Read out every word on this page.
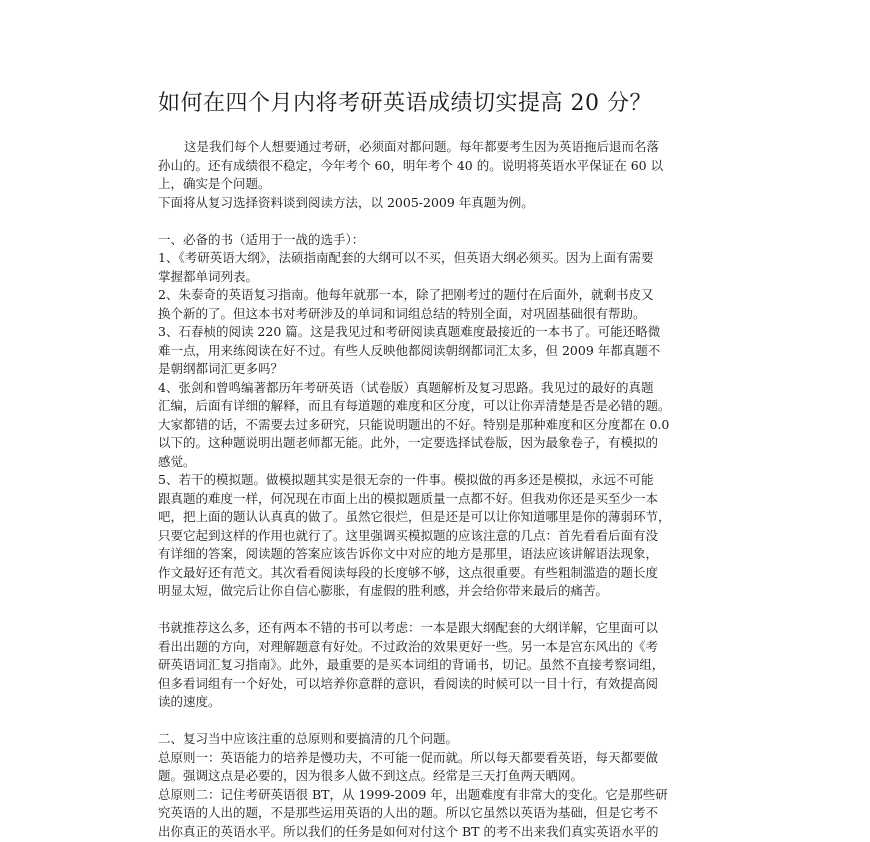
如何在四个月内将考研英语成绩切实提高 20 分？
这是我们每个人想要通过考研，必须面对都问题。每年都要考生因为英语拖后退而名落
孙山的。还有成绩很不稳定，今年考个 60，明年考个 40 的。说明将英语水平保证在 60 以
上，确实是个问题。
下面将从复习选择资料谈到阅读方法，以 2005-2009 年真题为例。
一、必备的书（适用于一战的选手）：
1、《考研英语大纲》，法硕指南配套的大纲可以不买，但英语大纲必须买。因为上面有需要
掌握都单词列表。
2、朱泰奇的英语复习指南。他每年就那一本，除了把刚考过的题付在后面外，就剩书皮又
换个新的了。但这本书对考研涉及的单词和词组总结的特别全面，对巩固基础很有帮助。
3、石春桢的阅读 220 篇。这是我见过和考研阅读真题难度最接近的一本书了。可能还略微
难一点，用来练阅读在好不过。有些人反映他都阅读朝纲都词汇太多，但 2009 年都真题不
是朝纲都词汇更多吗？
4、张剑和曾鸣编著都历年考研英语（试卷版）真题解析及复习思路。我见过的最好的真题
汇编，后面有详细的解释，而且有每道题的难度和区分度，可以让你弄清楚是否是必错的题。
大家都错的话，不需要去过多研究，只能说明题出的不好。特别是那种难度和区分度都在 0.0
以下的。这种题说明出题老师都无能。此外，一定要选择试卷版，因为最象卷子，有模拟的
感觉。
5、若干的模拟题。做模拟题其实是很无奈的一件事。模拟做的再多还是模拟，永远不可能
跟真题的难度一样，何况现在市面上出的模拟题质量一点都不好。但我劝你还是买至少一本
吧，把上面的题认认真真的做了。虽然它很烂，但是还是可以让你知道哪里是你的薄弱环节，
只要它起到这样的作用也就行了。这里强调买模拟题的应该注意的几点：首先看看后面有没
有详细的答案，阅读题的答案应该告诉你文中对应的地方是那里，语法应该讲解语法现象，
作文最好还有范文。其次看看阅读每段的长度够不够，这点很重要。有些粗制滥造的题长度
明显太短，做完后让你自信心膨胀，有虚假的胜利感，并会给你带来最后的痛苦。
书就推荐这么多，还有两本不错的书可以考虑：一本是跟大纲配套的大纲详解，它里面可以
看出出题的方向，对理解题意有好处。不过政治的效果更好一些。另一本是宫东风出的《考
研英语词汇复习指南》。此外，最重要的是买本词组的背诵书，切记。虽然不直接考察词组，
但多看词组有一个好处，可以培养你意群的意识，看阅读的时候可以一目十行，有效提高阅
读的速度。
二、复习当中应该注重的总原则和要搞清的几个问题。
总原则一：英语能力的培养是慢功夫，不可能一促而就。所以每天都要看英语，每天都要做
题。强调这点是必要的，因为很多人做不到这点。经常是三天打鱼两天晒网。
总原则二：记住考研英语很 BT，从 1999-2009 年，出题难度有非常大的变化。它是那些研
究英语的人出的题，不是那些运用英语的人出的题。所以它虽然以英语为基础，但是它考不
出你真正的英语水平。所以我们的任务是如何对付这个 BT 的考不出来我们真实英语水平的
